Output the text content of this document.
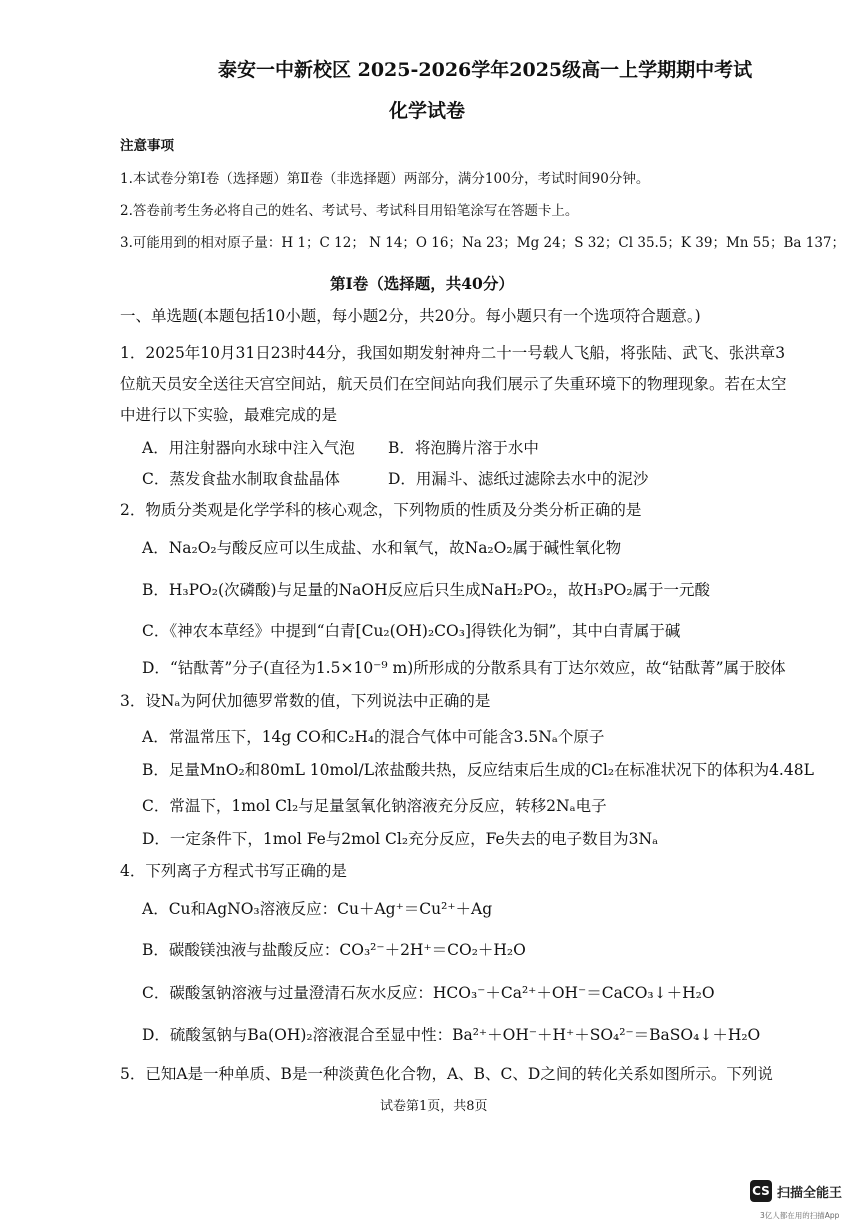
泰安一中新校区 2025-2026学年2025级高一上学期期中考试
化学试卷
注意事项
1.本试卷分第Ⅰ卷（选择题）第Ⅱ卷（非选择题）两部分，满分100分，考试时间90分钟。
2.答卷前考生务必将自己的姓名、考试号、考试科目用铅笔涂写在答题卡上。
3.可能用到的相对原子量：H 1；C 12； N 14；O 16；Na 23；Mg 24；S 32；Cl 35.5；K 39；Mn 55；Ba 137；
第Ⅰ卷（选择题，共40分）
一、单选题(本题包括10小题，每小题2分，共20分。每小题只有一个选项符合题意。)
1．2025年10月31日23时44分，我国如期发射神舟二十一号载人飞船，将张陆、武飞、张洪章3
位航天员安全送往天宫空间站，航天员们在空间站向我们展示了失重环境下的物理现象。若在太空
中进行以下实验，最难完成的是
A．用注射器向水球中注入气泡 B．将泡腾片溶于水中
C．蒸发食盐水制取食盐晶体	D．用漏斗、滤纸过滤除去水中的泥沙
2．物质分类观是化学学科的核心观念，下列物质的性质及分类分析正确的是
A．Na₂O₂与酸反应可以生成盐、水和氧气，故Na₂O₂属于碱性氧化物
B．H₃PO₂(次磷酸)与足量的NaOH反应后只生成NaH₂PO₂，故H₃PO₂属于一元酸
C．《神农本草经》中提到“白青[Cu₂(OH)₂CO₃]得铁化为铜”，其中白青属于碱
D．“钴酞菁”分子(直径为1.5×10⁻⁹ m)所形成的分散系具有丁达尔效应，故“钴酞菁”属于胶体
3．设Nₐ为阿伏加德罗常数的值，下列说法中正确的是
A．常温常压下，14g CO和C₂H₄的混合气体中可能含3.5Nₐ个原子
B．足量MnO₂和80mL 10mol/L浓盐酸共热，反应结束后生成的Cl₂在标准状况下的体积为4.48L
C．常温下，1mol Cl₂与足量氢氧化钠溶液充分反应，转移2Nₐ电子
D．一定条件下，1mol Fe与2mol Cl₂充分反应，Fe失去的电子数目为3Nₐ
4．下列离子方程式书写正确的是
A．Cu和AgNO₃溶液反应：Cu＋Ag⁺＝Cu²⁺＋Ag
B．碳酸镁浊液与盐酸反应：CO₃²⁻＋2H⁺＝CO₂＋H₂O
C．碳酸氢钠溶液与过量澄清石灰水反应：HCO₃⁻＋Ca²⁺＋OH⁻＝CaCO₃↓＋H₂O
D．硫酸氢钠与Ba(OH)₂溶液混合至显中性：Ba²⁺＋OH⁻＋H⁺＋SO₄²⁻＝BaSO₄↓＋H₂O
5．已知A是一种单质、B是一种淡黄色化合物，A、B、C、D之间的转化关系如图所示。下列说
试卷第1页，共8页
CS 扫描全能王
3亿人都在用的扫描App
